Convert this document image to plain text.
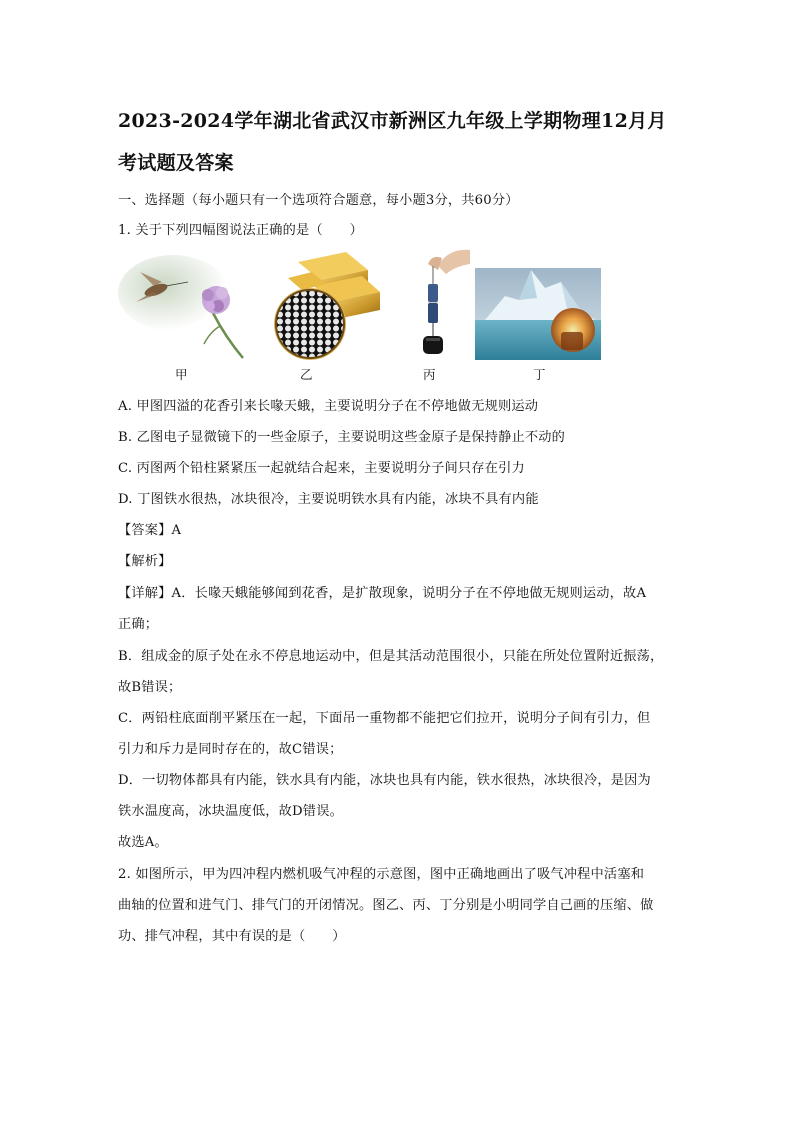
2023-2024学年湖北省武汉市新洲区九年级上学期物理12月月考试题及答案
一、选择题（每小题只有一个选项符合题意，每小题3分，共60分）
1. 关于下列四幅图说法正确的是（　　）
甲	乙	丙	丁
A. 甲图四溢的花香引来长喙天蛾，主要说明分子在不停地做无规则运动
B. 乙图电子显微镜下的一些金原子，主要说明这些金原子是保持静止不动的
C. 丙图两个铅柱紧紧压一起就结合起来，主要说明分子间只存在引力
D. 丁图铁水很热，冰块很冷，主要说明铁水具有内能，冰块不具有内能
【答案】A
【解析】
【详解】A．长喙天蛾能够闻到花香，是扩散现象，说明分子在不停地做无规则运动，故A
正确；
B．组成金的原子处在永不停息地运动中，但是其活动范围很小，只能在所处位置附近振荡，
故B错误；
C．两铅柱底面削平紧压在一起，下面吊一重物都不能把它们拉开，说明分子间有引力，但
引力和斥力是同时存在的，故C错误；
D．一切物体都具有内能，铁水具有内能，冰块也具有内能，铁水很热，冰块很冷，是因为
铁水温度高，冰块温度低，故D错误。
故选A。
2. 如图所示，甲为四冲程内燃机吸气冲程的示意图，图中正确地画出了吸气冲程中活塞和
曲轴的位置和进气门、排气门的开闭情况。图乙、丙、丁分别是小明同学自己画的压缩、做
功、排气冲程，其中有误的是（　　）
